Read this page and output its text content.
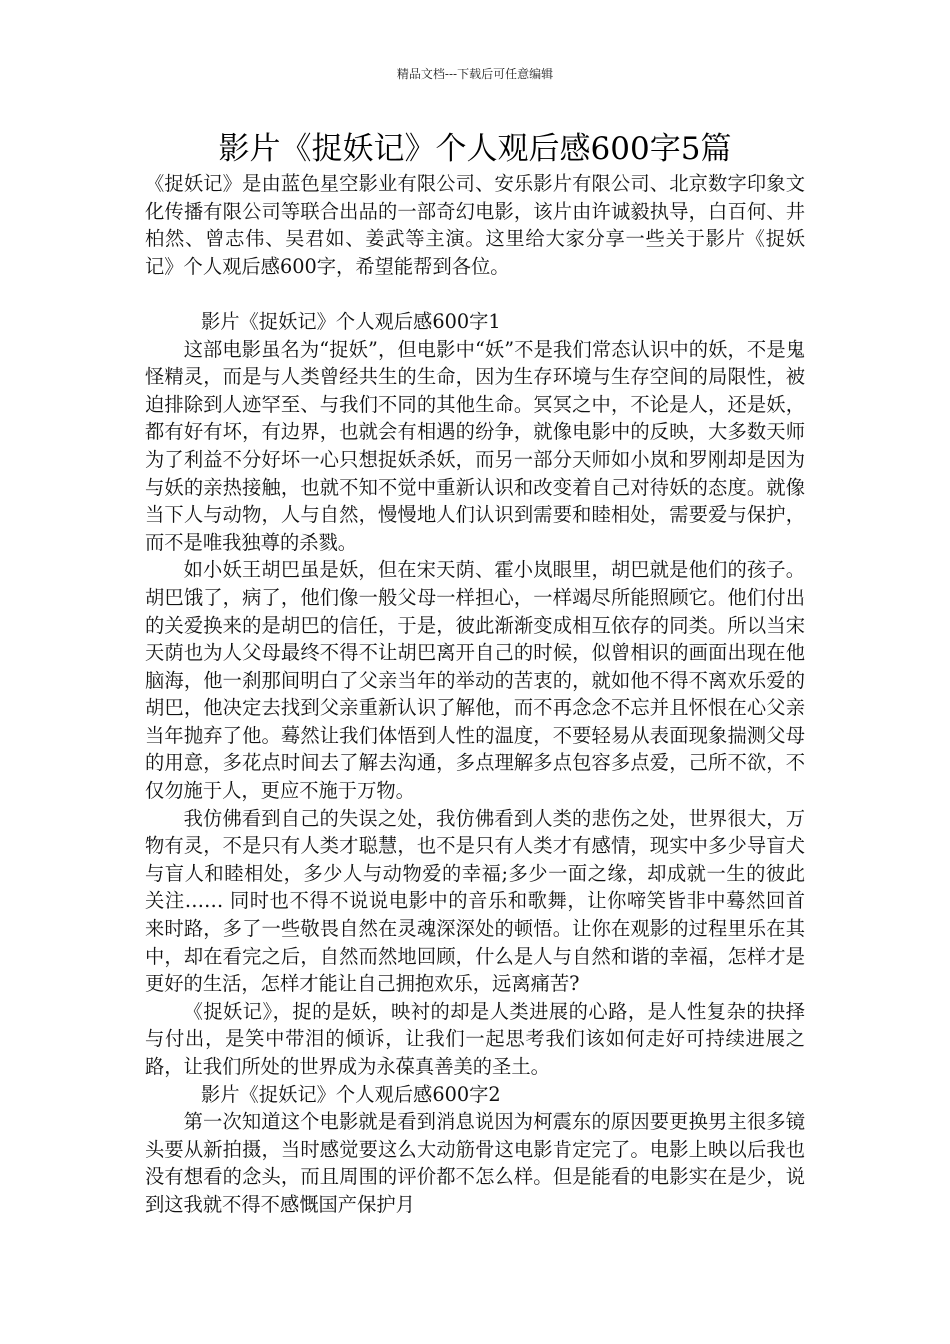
精品文档---下载后可任意编辑
影片《捉妖记》个人观后感600字5篇

《捉妖记》是由蓝色星空影业有限公司、安乐影片有限公司、北京数字印象文化传播有限公司等联合出品的一部奇幻电影，该片由许诚毅执导，白百何、井柏然、曾志伟、吴君如、姜武等主演。这里给大家分享一些关于影片《捉妖记》个人观后感600字，希望能帮到各位。

影片《捉妖记》个人观后感600字1

这部电影虽名为“捉妖”，但电影中“妖”不是我们常态认识中的妖，不是鬼怪精灵，而是与人类曾经共生的生命，因为生存环境与生存空间的局限性，被迫排除到人迹罕至、与我们不同的其他生命。冥冥之中，不论是人，还是妖，都有好有坏，有边界，也就会有相遇的纷争，就像电影中的反映，大多数天师为了利益不分好坏一心只想捉妖杀妖，而另一部分天师如小岚和罗刚却是因为与妖的亲热接触，也就不知不觉中重新认识和改变着自己对待妖的态度。就像当下人与动物，人与自然，慢慢地人们认识到需要和睦相处，需要爱与保护，而不是唯我独尊的杀戮。

如小妖王胡巴虽是妖，但在宋天荫、霍小岚眼里，胡巴就是他们的孩子。胡巴饿了，病了，他们像一般父母一样担心，一样竭尽所能照顾它。他们付出的关爱换来的是胡巴的信任，于是，彼此渐渐变成相互依存的同类。所以当宋天荫也为人父母最终不得不让胡巴离开自己的时候，似曾相识的画面出现在他脑海，他一刹那间明白了父亲当年的举动的苦衷的，就如他不得不离欢乐爱的胡巴，他决定去找到父亲重新认识了解他，而不再念念不忘并且怀恨在心父亲当年抛弃了他。蓦然让我们体悟到人性的温度，不要轻易从表面现象揣测父母的用意，多花点时间去了解去沟通，多点理解多点包容多点爱，己所不欲，不仅勿施于人，更应不施于万物。

我仿佛看到自己的失误之处，我仿佛看到人类的悲伤之处，世界很大，万物有灵，不是只有人类才聪慧，也不是只有人类才有感情，现实中多少导盲犬与盲人和睦相处，多少人与动物爱的幸福;多少一面之缘，却成就一生的彼此关注…… 同时也不得不说说电影中的音乐和歌舞，让你啼笑皆非中蓦然回首来时路，多了一些敬畏自然在灵魂深深处的顿悟。让你在观影的过程里乐在其中，却在看完之后，自然而然地回顾，什么是人与自然和谐的幸福，怎样才是更好的生活，怎样才能让自己拥抱欢乐，远离痛苦?

《捉妖记》，捉的是妖，映衬的却是人类进展的心路，是人性复杂的抉择与付出，是笑中带泪的倾诉，让我们一起思考我们该如何走好可持续进展之路，让我们所处的世界成为永葆真善美的圣土。

影片《捉妖记》个人观后感600字2

第一次知道这个电影就是看到消息说因为柯震东的原因要更换男主很多镜头要从新拍摄，当时感觉要这么大动筋骨这电影肯定完了。电影上映以后我也没有想看的念头，而且周围的评价都不怎么样。但是能看的电影实在是少，说到这我就不得不感慨国产保护月
